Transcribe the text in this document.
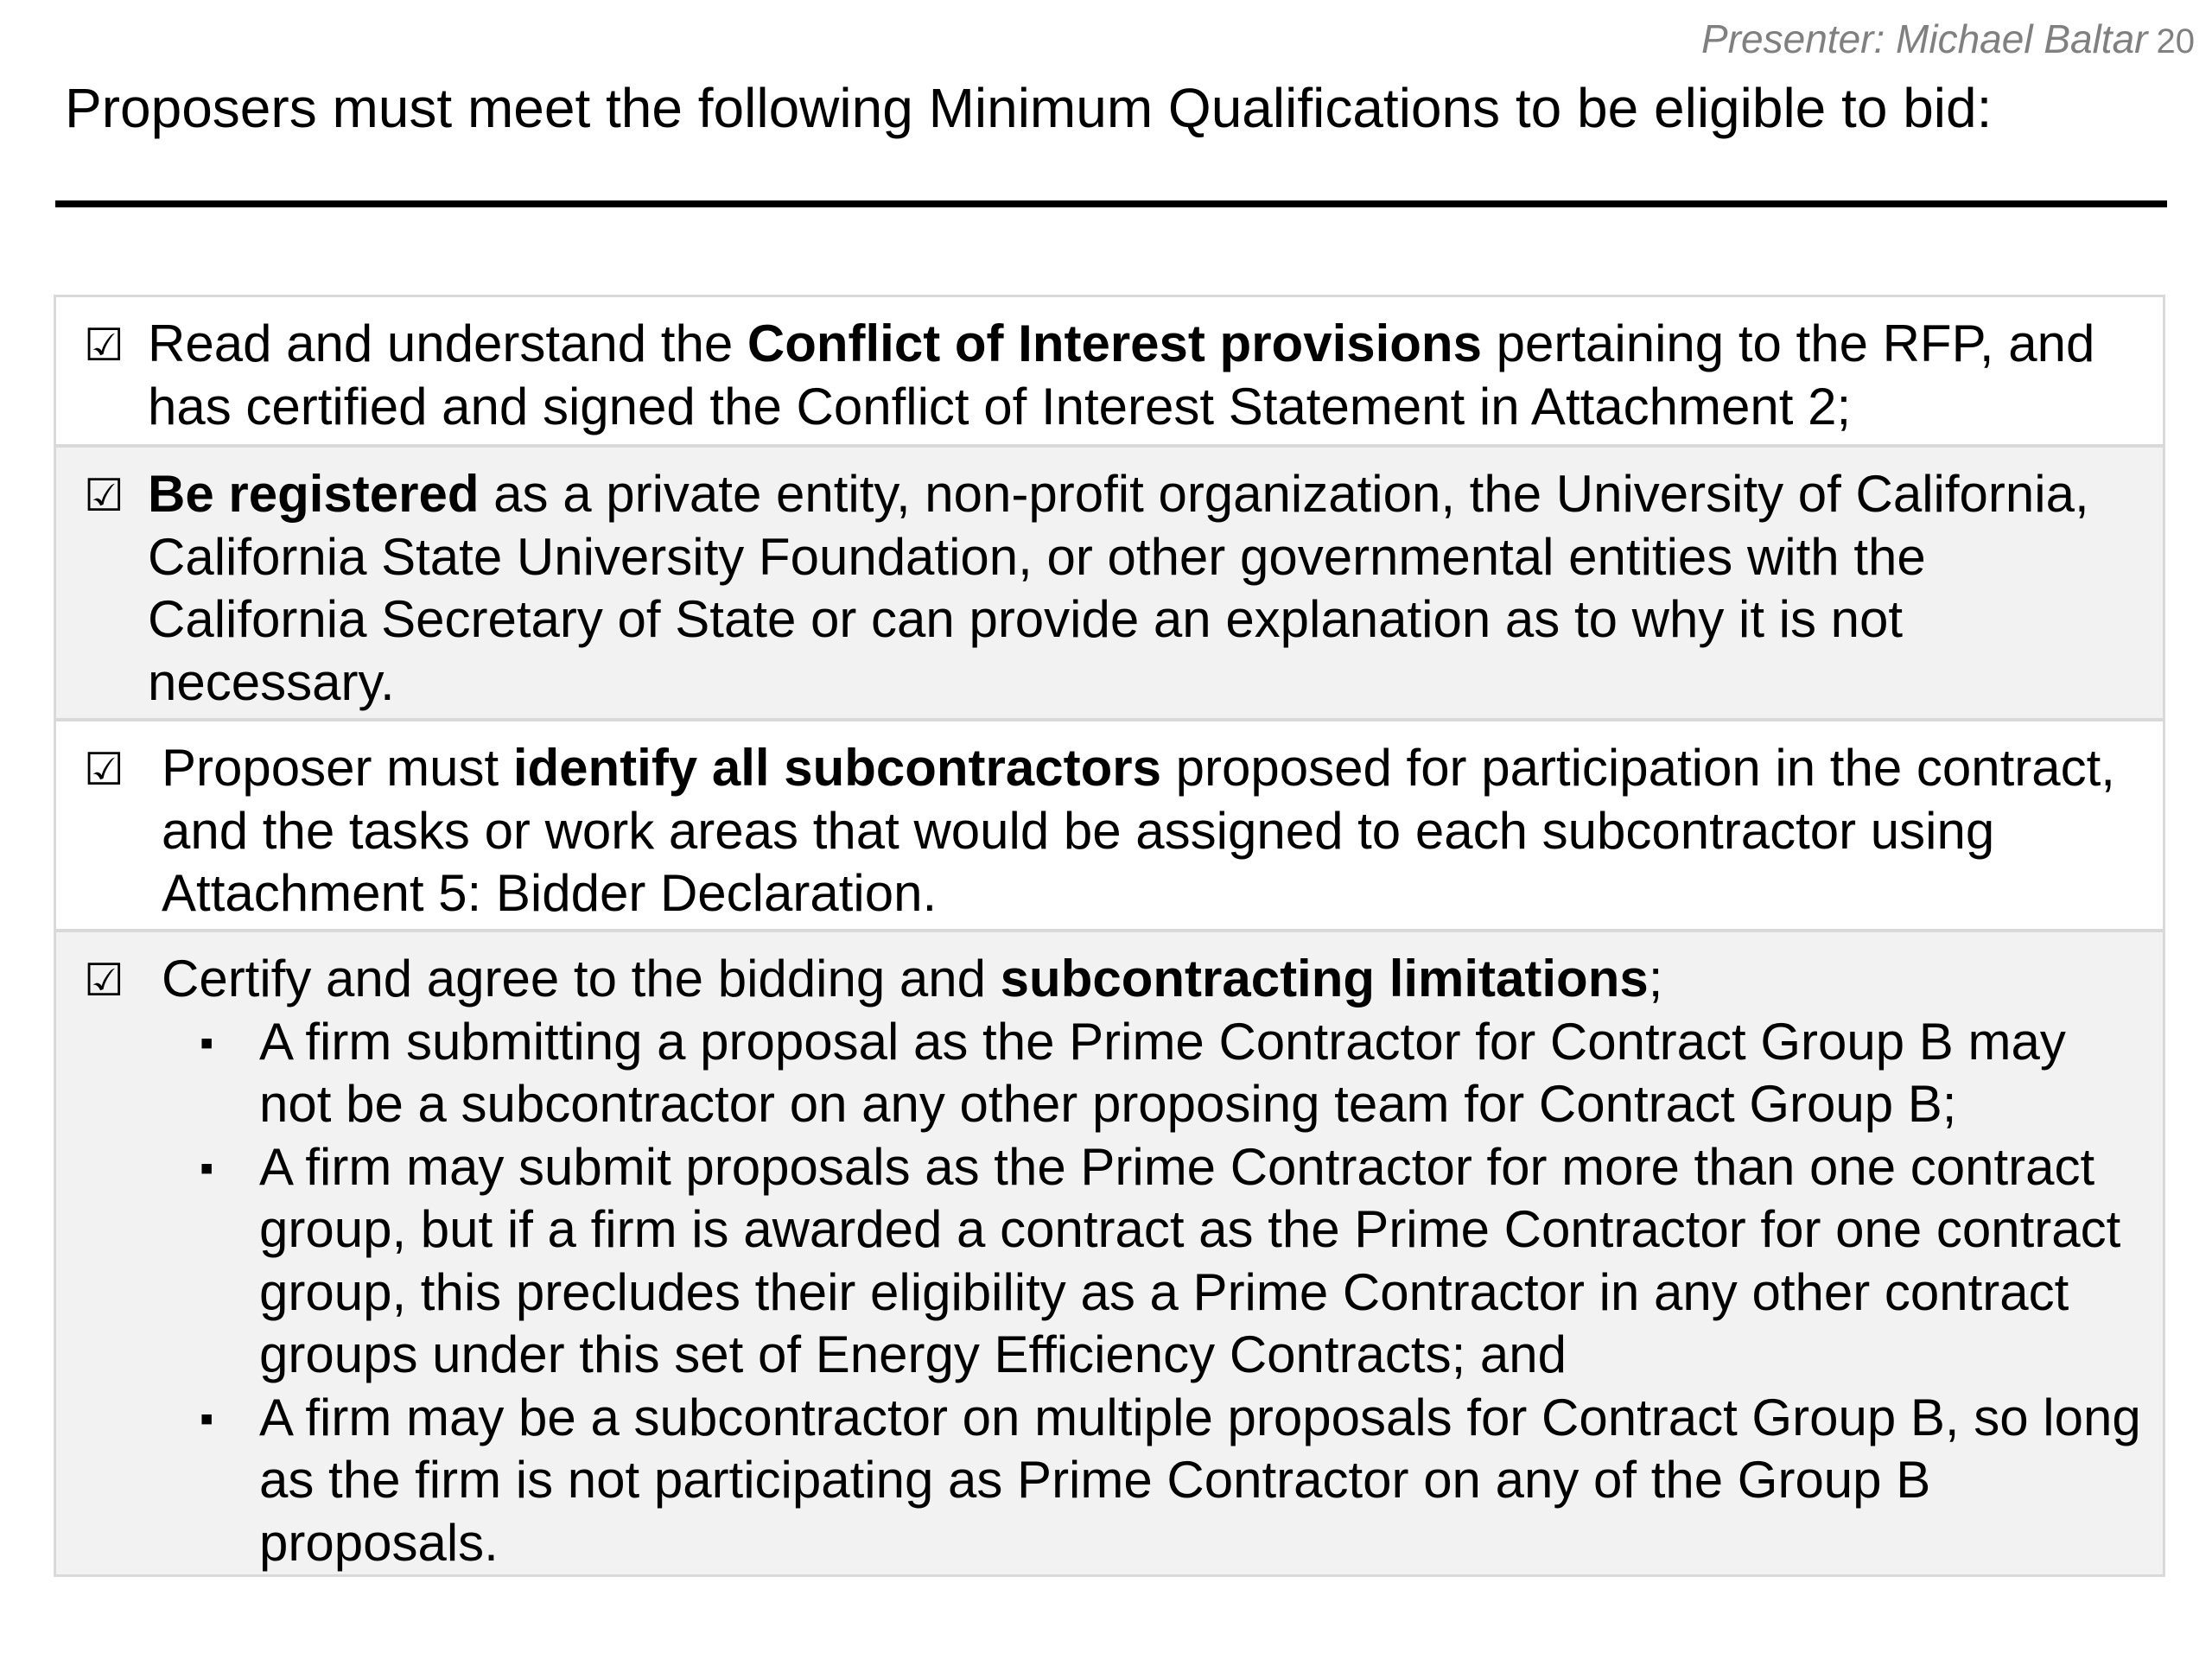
Presenter: Michael Baltar 20
Proposers must meet the following Minimum Qualifications to be eligible to bid:
☑ Read and understand the Conflict of Interest provisions pertaining to the RFP, and has certified and signed the Conflict of Interest Statement in Attachment 2;
☑ Be registered as a private entity, non-profit organization, the University of California, California State University Foundation, or other governmental entities with the California Secretary of State or can provide an explanation as to why it is not necessary.
☑ Proposer must identify all subcontractors proposed for participation in the contract, and the tasks or work areas that would be assigned to each subcontractor using Attachment 5: Bidder Declaration.
☑ Certify and agree to the bidding and subcontracting limitations;
▪ A firm submitting a proposal as the Prime Contractor for Contract Group B may not be a subcontractor on any other proposing team for Contract Group B;
▪ A firm may submit proposals as the Prime Contractor for more than one contract group, but if a firm is awarded a contract as the Prime Contractor for one contract group, this precludes their eligibility as a Prime Contractor in any other contract groups under this set of Energy Efficiency Contracts; and
▪ A firm may be a subcontractor on multiple proposals for Contract Group B, so long as the firm is not participating as Prime Contractor on any of the Group B proposals.
